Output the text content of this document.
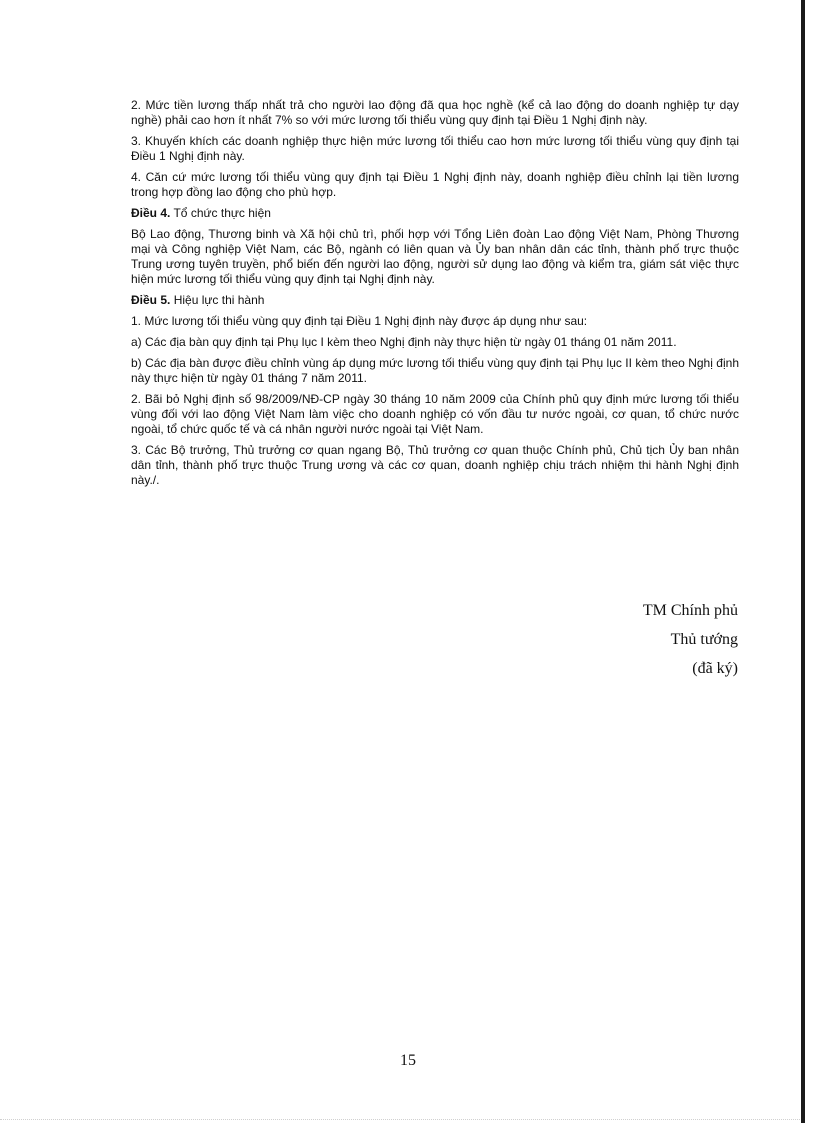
2. Mức tiền lương thấp nhất trả cho người lao động đã qua học nghề (kể cả lao động do doanh nghiệp tự dạy nghề) phải cao hơn ít nhất 7% so với mức lương tối thiểu vùng quy định tại Điều 1 Nghị định này.

3. Khuyến khích các doanh nghiệp thực hiện mức lương tối thiểu cao hơn mức lương tối thiểu vùng quy định tại Điều 1 Nghị định này.

4. Căn cứ mức lương tối thiểu vùng quy định tại Điều 1 Nghị định này, doanh nghiệp điều chỉnh lại tiền lương trong hợp đồng lao động cho phù hợp.

Điều 4. Tổ chức thực hiện

Bộ Lao động, Thương binh và Xã hội chủ trì, phối hợp với Tổng Liên đoàn Lao động Việt Nam, Phòng Thương mại và Công nghiệp Việt Nam, các Bộ, ngành có liên quan và Ủy ban nhân dân các tỉnh, thành phố trực thuộc Trung ương tuyên truyền, phổ biến đến người lao động, người sử dụng lao động và kiểm tra, giám sát việc thực hiện mức lương tối thiểu vùng quy định tại Nghị định này.

Điều 5. Hiệu lực thi hành

1. Mức lương tối thiểu vùng quy định tại Điều 1 Nghị định này được áp dụng như sau:

a) Các địa bàn quy định tại Phụ lục I kèm theo Nghị định này thực hiện từ ngày 01 tháng 01 năm 2011.

b) Các địa bàn được điều chỉnh vùng áp dụng mức lương tối thiểu vùng quy định tại Phụ lục II kèm theo Nghị định này thực hiện từ ngày 01 tháng 7 năm 2011.

2. Bãi bỏ Nghị định số 98/2009/NĐ-CP ngày 30 tháng 10 năm 2009 của Chính phủ quy định mức lương tối thiểu vùng đối với lao động Việt Nam làm việc cho doanh nghiệp có vốn đầu tư nước ngoài, cơ quan, tổ chức nước ngoài, tổ chức quốc tế và cá nhân người nước ngoài tại Việt Nam.

3. Các Bộ trưởng, Thủ trưởng cơ quan ngang Bộ, Thủ trưởng cơ quan thuộc Chính phủ, Chủ tịch Ủy ban nhân dân tỉnh, thành phố trực thuộc Trung ương và các cơ quan, doanh nghiệp chịu trách nhiệm thi hành Nghị định này./.

TM Chính phủ
Thủ tướng
(đã ký)
15
